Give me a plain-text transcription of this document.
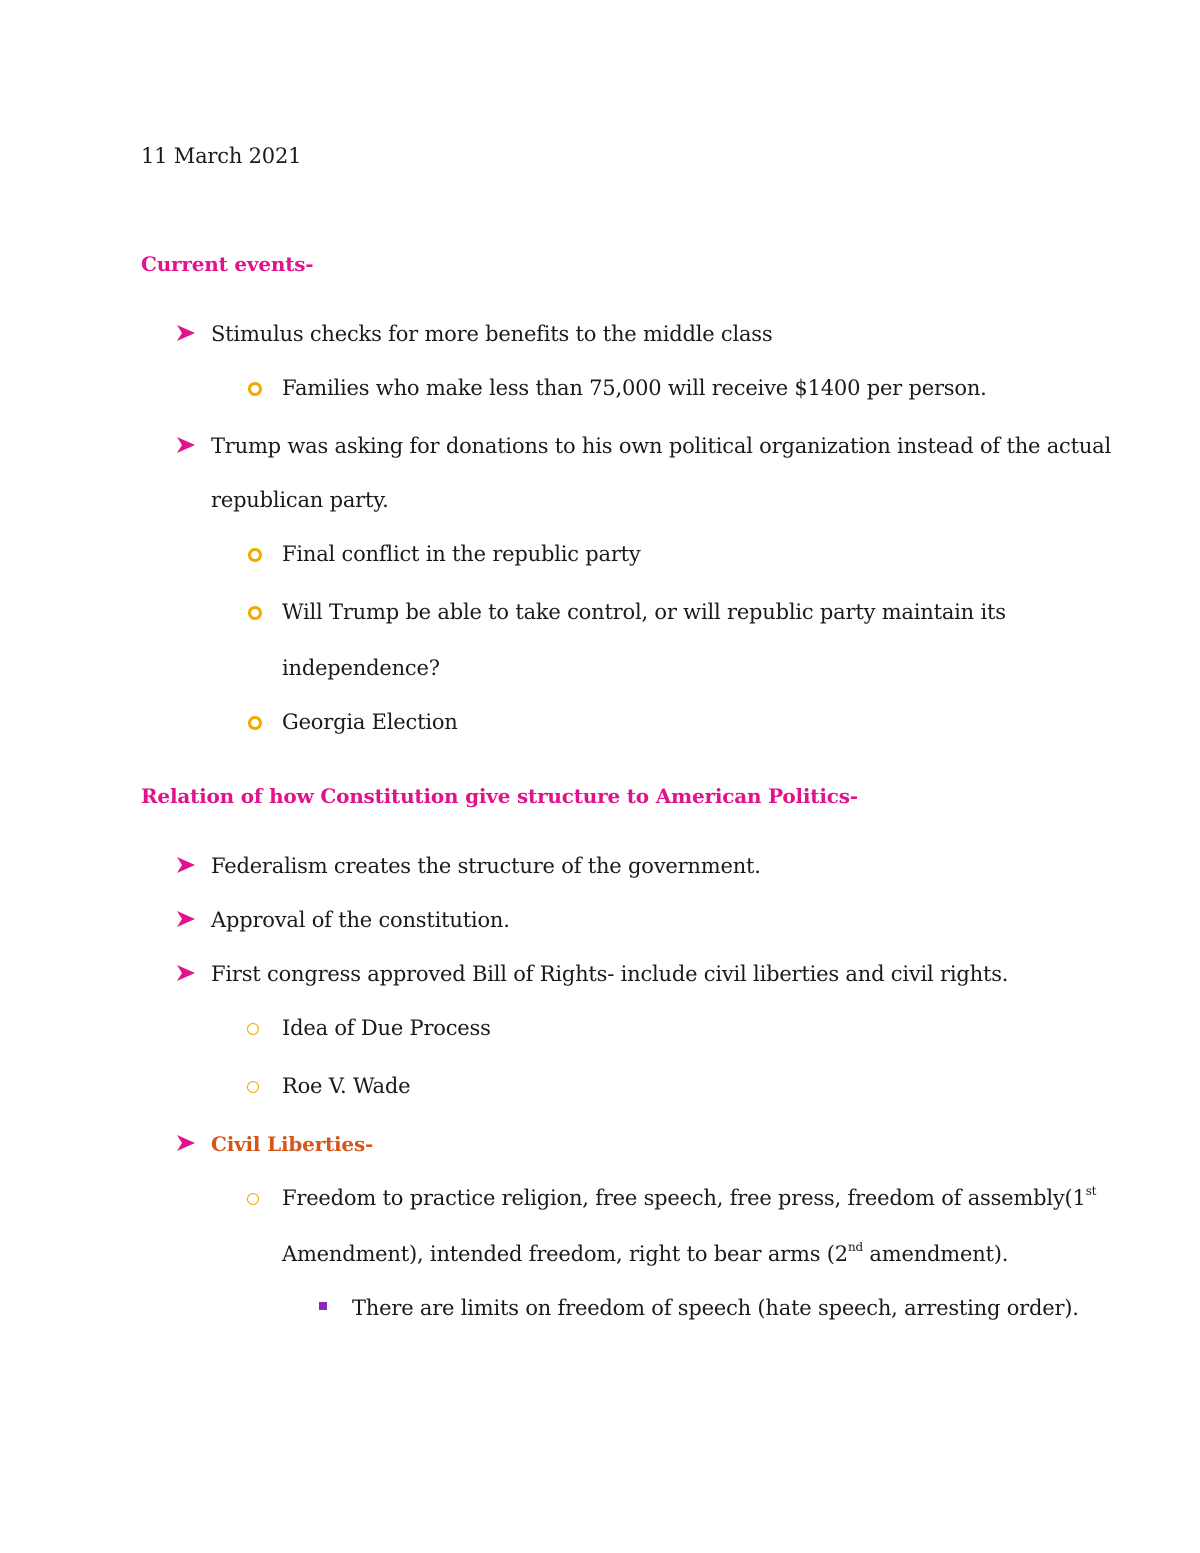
11 March 2021
Current events-
Stimulus checks for more benefits to the middle class
Families who make less than 75,000 will receive $1400 per person.
Trump was asking for donations to his own political organization instead of the actual
republican party.
Final conflict in the republic party
Will Trump be able to take control, or will republic party maintain its
independence?
Georgia Election
Relation of how Constitution give structure to American Politics-
Federalism creates the structure of the government.
Approval of the constitution.
First congress approved Bill of Rights- include civil liberties and civil rights.
Idea of Due Process
Roe V. Wade
Civil Liberties-
Freedom to practice religion, free speech, free press, freedom of assembly(1st
Amendment), intended freedom, right to bear arms (2nd amendment).
There are limits on freedom of speech (hate speech, arresting order).
